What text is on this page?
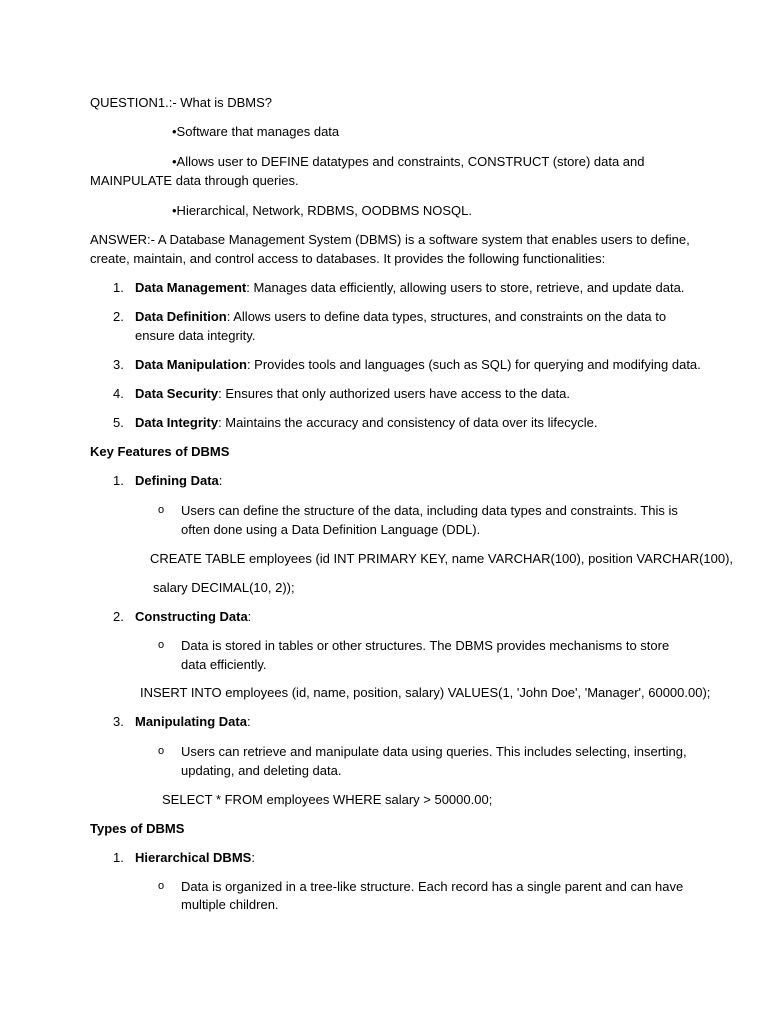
QUESTION1.:- What is DBMS?
•Software that manages data
•Allows user to DEFINE datatypes and constraints, CONSTRUCT (store) data and
MAINPULATE data through queries.
•Hierarchical, Network, RDBMS, OODBMS NOSQL.
ANSWER:- A Database Management System (DBMS) is a software system that enables users to define,
create, maintain, and control access to databases. It provides the following functionalities:
1. Data Management: Manages data efficiently, allowing users to store, retrieve, and update data.
2. Data Definition: Allows users to define data types, structures, and constraints on the data to
ensure data integrity.
3. Data Manipulation: Provides tools and languages (such as SQL) for querying and modifying data.
4. Data Security: Ensures that only authorized users have access to the data.
5. Data Integrity: Maintains the accuracy and consistency of data over its lifecycle.
Key Features of DBMS
1. Defining Data:
o Users can define the structure of the data, including data types and constraints. This is
often done using a Data Definition Language (DDL).
CREATE TABLE employees (id INT PRIMARY KEY, name VARCHAR(100), position VARCHAR(100),
salary DECIMAL(10, 2));
2. Constructing Data:
o Data is stored in tables or other structures. The DBMS provides mechanisms to store
data efficiently.
INSERT INTO employees (id, name, position, salary) VALUES(1, 'John Doe', 'Manager', 60000.00);
3. Manipulating Data:
o Users can retrieve and manipulate data using queries. This includes selecting, inserting,
updating, and deleting data.
SELECT * FROM employees WHERE salary > 50000.00;
Types of DBMS
1. Hierarchical DBMS:
o Data is organized in a tree-like structure. Each record has a single parent and can have
multiple children.
